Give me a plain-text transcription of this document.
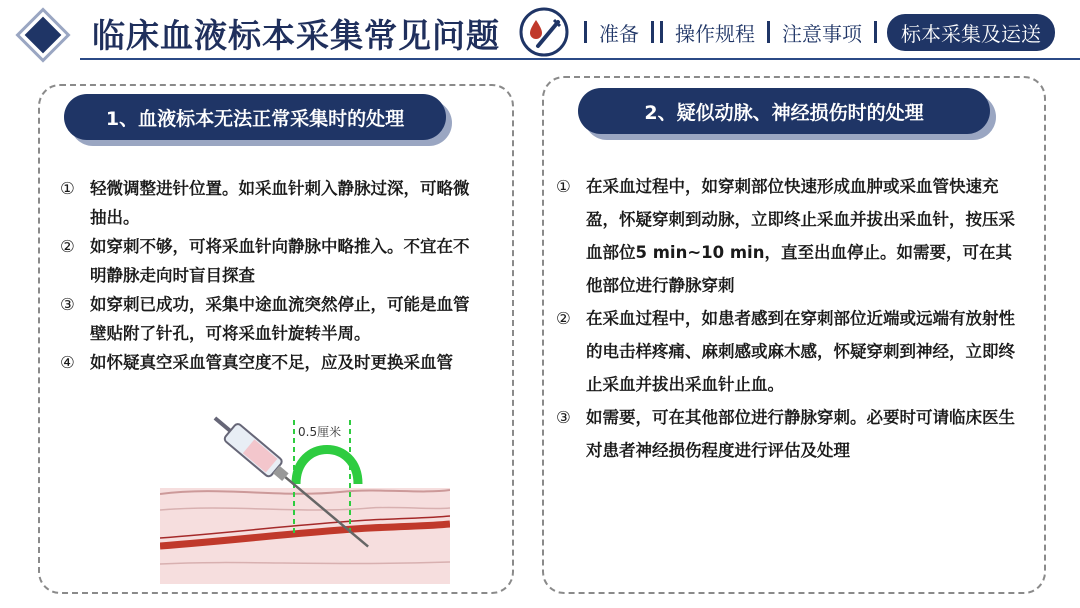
临床血液标本采集常见问题	准备	操作规程	注意事项	标本采集及运送
1、血液标本无法正常采集时的处理
① 轻微调整进针位置。如采血针刺入静脉过深，可略微抽出。
② 如穿刺不够，可将采血针向静脉中略推入。不宜在不明静脉走向时盲目探查
③ 如穿刺已成功，采集中途血流突然停止，可能是血管壁贴附了针孔，可将采血针旋转半周。
④ 如怀疑真空采血管真空度不足，应及时更换采血管
0.5厘米
2、疑似动脉、神经损伤时的处理
① 在采血过程中，如穿刺部位快速形成血肿或采血管快速充盈，怀疑穿刺到动脉，立即终止采血并拔出采血针，按压采血部位5 min~10 min，直至出血停止。如需要，可在其他部位进行静脉穿刺
② 在采血过程中，如患者感到在穿刺部位近端或远端有放射性的电击样疼痛、麻刺感或麻木感，怀疑穿刺到神经，立即终止采血并拔出采血针止血。
③ 如需要，可在其他部位进行静脉穿刺。必要时可请临床医生对患者神经损伤程度进行评估及处理
